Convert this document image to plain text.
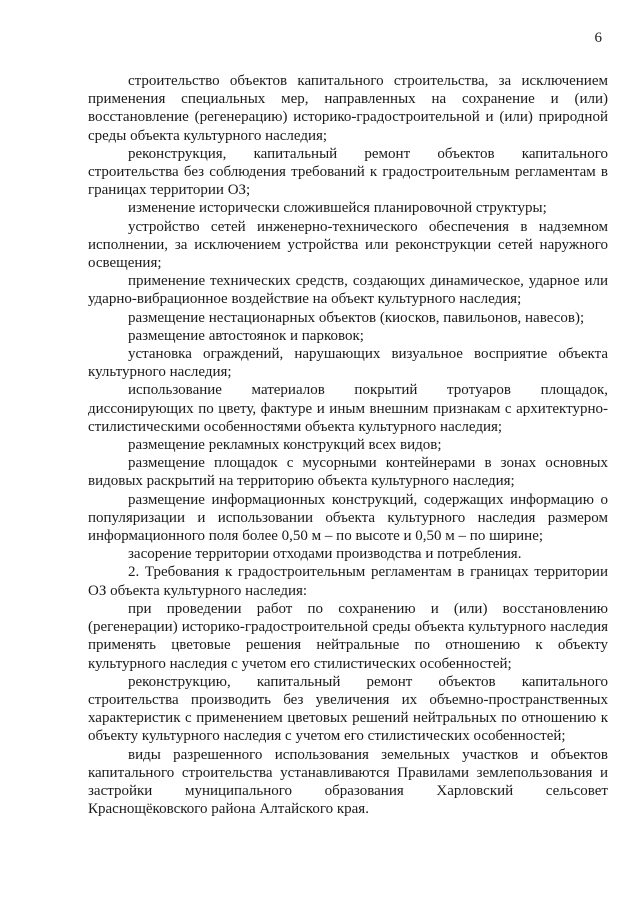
6

строительство объектов капитального строительства, за исключением применения специальных мер, направленных на сохранение и (или) восстановление (регенерацию) историко-градостроительной и (или) природной среды объекта культурного наследия;

реконструкция, капитальный ремонт объектов капитального строительства без соблюдения требований к градостроительным регламентам в границах территории ОЗ;

изменение исторически сложившейся планировочной структуры;

устройство сетей инженерно-технического обеспечения в надземном исполнении, за исключением устройства или реконструкции сетей наружного освещения;

применение технических средств, создающих динамическое, ударное или ударно-вибрационное воздействие на объект культурного наследия;

размещение нестационарных объектов (киосков, павильонов, навесов);

размещение автостоянок и парковок;

установка ограждений, нарушающих визуальное восприятие объекта культурного наследия;

использование материалов покрытий тротуаров площадок, диссонирующих по цвету, фактуре и иным внешним признакам с архитектурно-стилистическими особенностями объекта культурного наследия;

размещение рекламных конструкций всех видов;

размещение площадок с мусорными контейнерами в зонах основных видовых раскрытий на территорию объекта культурного наследия;

размещение информационных конструкций, содержащих информацию о популяризации и использовании объекта культурного наследия размером информационного поля более 0,50 м – по высоте и 0,50 м – по ширине;

засорение территории отходами производства и потребления.

2. Требования к градостроительным регламентам в границах территории ОЗ объекта культурного наследия:

при проведении работ по сохранению и (или) восстановлению (регенерации) историко-градостроительной среды объекта культурного наследия применять цветовые решения нейтральные по отношению к объекту культурного наследия с учетом его стилистических особенностей;

реконструкцию, капитальный ремонт объектов капитального строительства производить без увеличения их объемно-пространственных характеристик с применением цветовых решений нейтральных по отношению к объекту культурного наследия с учетом его стилистических особенностей;

виды разрешенного использования земельных участков и объектов капитального строительства устанавливаются Правилами землепользования и застройки муниципального образования Харловский сельсовет Краснощёковского района Алтайского края.
